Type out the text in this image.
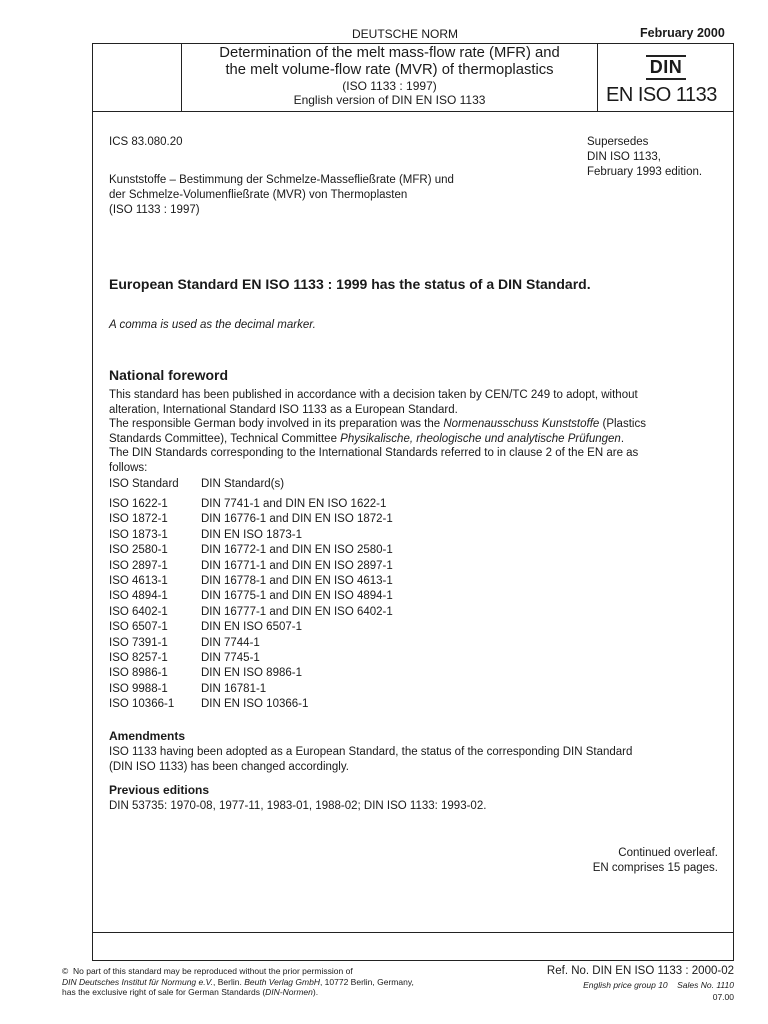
DEUTSCHE NORM	February 2000
Determination of the melt mass-flow rate (MFR) and
the melt volume-flow rate (MVR) of thermoplastics
(ISO 1133 : 1997)
English version of DIN EN ISO 1133
DIN
EN ISO 1133
ICS 83.080.20	Supersedes
DIN ISO 1133,
February 1993 edition.
Kunststoffe – Bestimmung der Schmelze-Massefließrate (MFR) und
der Schmelze-Volumenfließrate (MVR) von Thermoplasten
(ISO 1133 : 1997)
European Standard EN ISO 1133 : 1999 has the status of a DIN Standard.
A comma is used as the decimal marker.
National foreword
This standard has been published in accordance with a decision taken by CEN/TC 249 to adopt, without
alteration, International Standard ISO 1133 as a European Standard.
The responsible German body involved in its preparation was the Normenausschuss Kunststoffe (Plastics
Standards Committee), Technical Committee Physikalische, rheologische und analytische Prüfungen.
The DIN Standards corresponding to the International Standards referred to in clause 2 of the EN are as
follows:
ISO Standard DIN Standard(s)
ISO 1622-1	DIN 7741-1 and DIN EN ISO 1622-1
ISO 1872-1	DIN 16776-1 and DIN EN ISO 1872-1
ISO 1873-1	DIN EN ISO 1873-1
ISO 2580-1	DIN 16772-1 and DIN EN ISO 2580-1
ISO 2897-1	DIN 16771-1 and DIN EN ISO 2897-1
ISO 4613-1	DIN 16778-1 and DIN EN ISO 4613-1
ISO 4894-1	DIN 16775-1 and DIN EN ISO 4894-1
ISO 6402-1	DIN 16777-1 and DIN EN ISO 6402-1
ISO 6507-1	DIN EN ISO 6507-1
ISO 7391-1	DIN 7744-1
ISO 8257-1	DIN 7745-1
ISO 8986-1	DIN EN ISO 8986-1
ISO 9988-1	DIN 16781-1
ISO 10366-1 DIN EN ISO 10366-1
Amendments
ISO 1133 having been adopted as a European Standard, the status of the corresponding DIN Standard
(DIN ISO 1133) has been changed accordingly.
Previous editions
DIN 53735: 1970-08, 1977-11, 1983-01, 1988-02; DIN ISO 1133: 1993-02.
Continued overleaf.
EN comprises 15 pages.
© No part of this standard may be reproduced without the prior permission of
DIN Deutsches Institut für Normung e.V., Berlin. Beuth Verlag GmbH, 10772 Berlin, Germany,
has the exclusive right of sale for German Standards (DIN-Normen).
Ref. No. DIN EN ISO 1133 : 2000-02
English price group 10 Sales No. 1110
07.00
